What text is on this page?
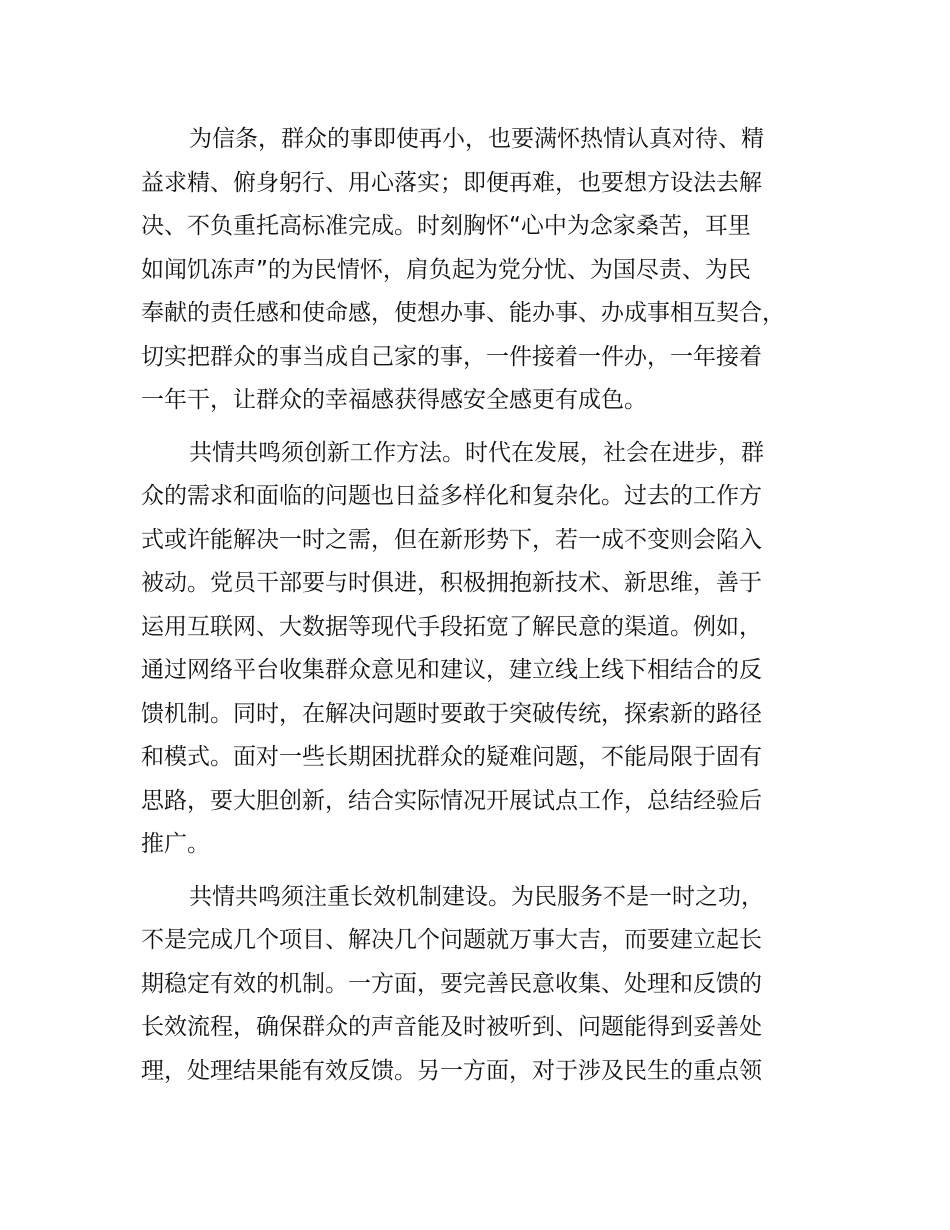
为信条，群众的事即使再小，也要满怀热情认真对待、精
益求精、俯身躬行、用心落实；即便再难，也要想方设法去解
决、不负重托高标准完成。时刻胸怀“心中为念家桑苦，耳里
如闻饥冻声”的为民情怀，肩负起为党分忧、为国尽责、为民
奉献的责任感和使命感，使想办事、能办事、办成事相互契合，
切实把群众的事当成自己家的事，一件接着一件办，一年接着
一年干，让群众的幸福感获得感安全感更有成色。
共情共鸣须创新工作方法。时代在发展，社会在进步，群
众的需求和面临的问题也日益多样化和复杂化。过去的工作方
式或许能解决一时之需，但在新形势下，若一成不变则会陷入
被动。党员干部要与时俱进，积极拥抱新技术、新思维，善于
运用互联网、大数据等现代手段拓宽了解民意的渠道。例如，
通过网络平台收集群众意见和建议，建立线上线下相结合的反
馈机制。同时，在解决问题时要敢于突破传统，探索新的路径
和模式。面对一些长期困扰群众的疑难问题，不能局限于固有
思路，要大胆创新，结合实际情况开展试点工作，总结经验后
推广。
共情共鸣须注重长效机制建设。为民服务不是一时之功，
不是完成几个项目、解决几个问题就万事大吉，而要建立起长
期稳定有效的机制。一方面，要完善民意收集、处理和反馈的
长效流程，确保群众的声音能及时被听到、问题能得到妥善处
理，处理结果能有效反馈。另一方面，对于涉及民生的重点领
